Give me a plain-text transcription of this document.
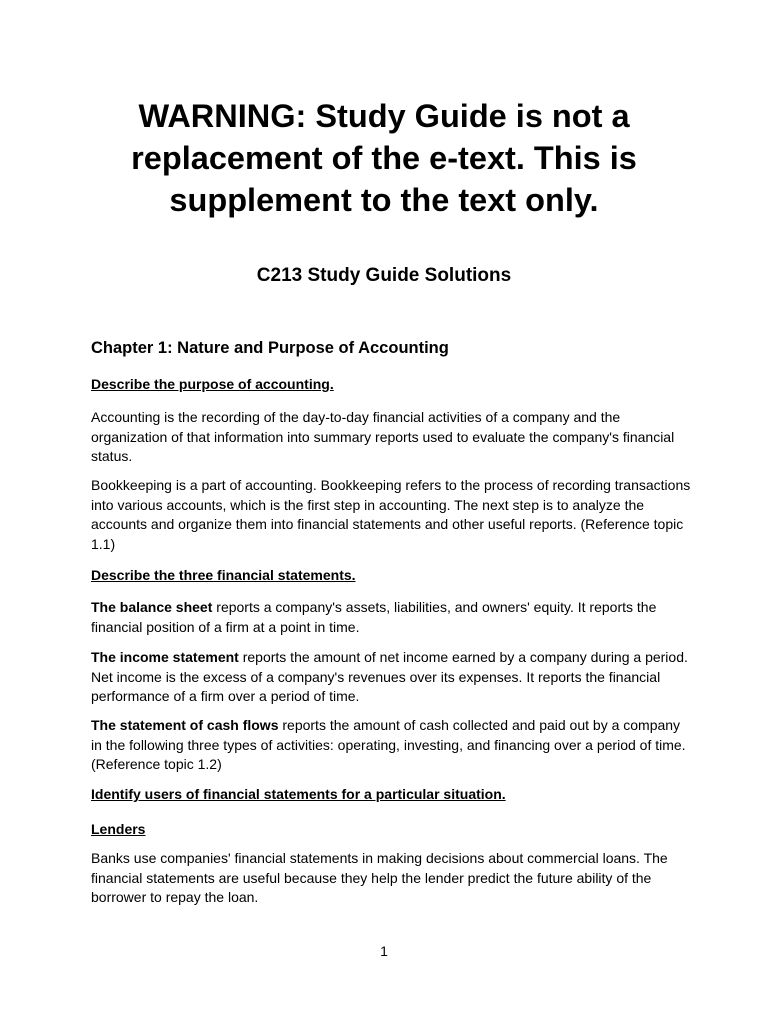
WARNING: Study Guide is not a
replacement of the e-text. This is
supplement to the text only.

C213 Study Guide Solutions

Chapter 1: Nature and Purpose of Accounting

Describe the purpose of accounting.

Accounting is the recording of the day-to-day financial activities of a company and the organization of that information into summary reports used to evaluate the company's financial status.

Bookkeeping is a part of accounting. Bookkeeping refers to the process of recording transactions into various accounts, which is the first step in accounting. The next step is to analyze the accounts and organize them into financial statements and other useful reports. (Reference topic 1.1)

Describe the three financial statements.

The balance sheet reports a company's assets, liabilities, and owners' equity. It reports the financial position of a firm at a point in time.

The income statement reports the amount of net income earned by a company during a period. Net income is the excess of a company's revenues over its expenses. It reports the financial performance of a firm over a period of time.

The statement of cash flows reports the amount of cash collected and paid out by a company in the following three types of activities: operating, investing, and financing over a period of time. (Reference topic 1.2)

Identify users of financial statements for a particular situation.

Lenders

Banks use companies' financial statements in making decisions about commercial loans. The financial statements are useful because they help the lender predict the future ability of the borrower to repay the loan.

1
